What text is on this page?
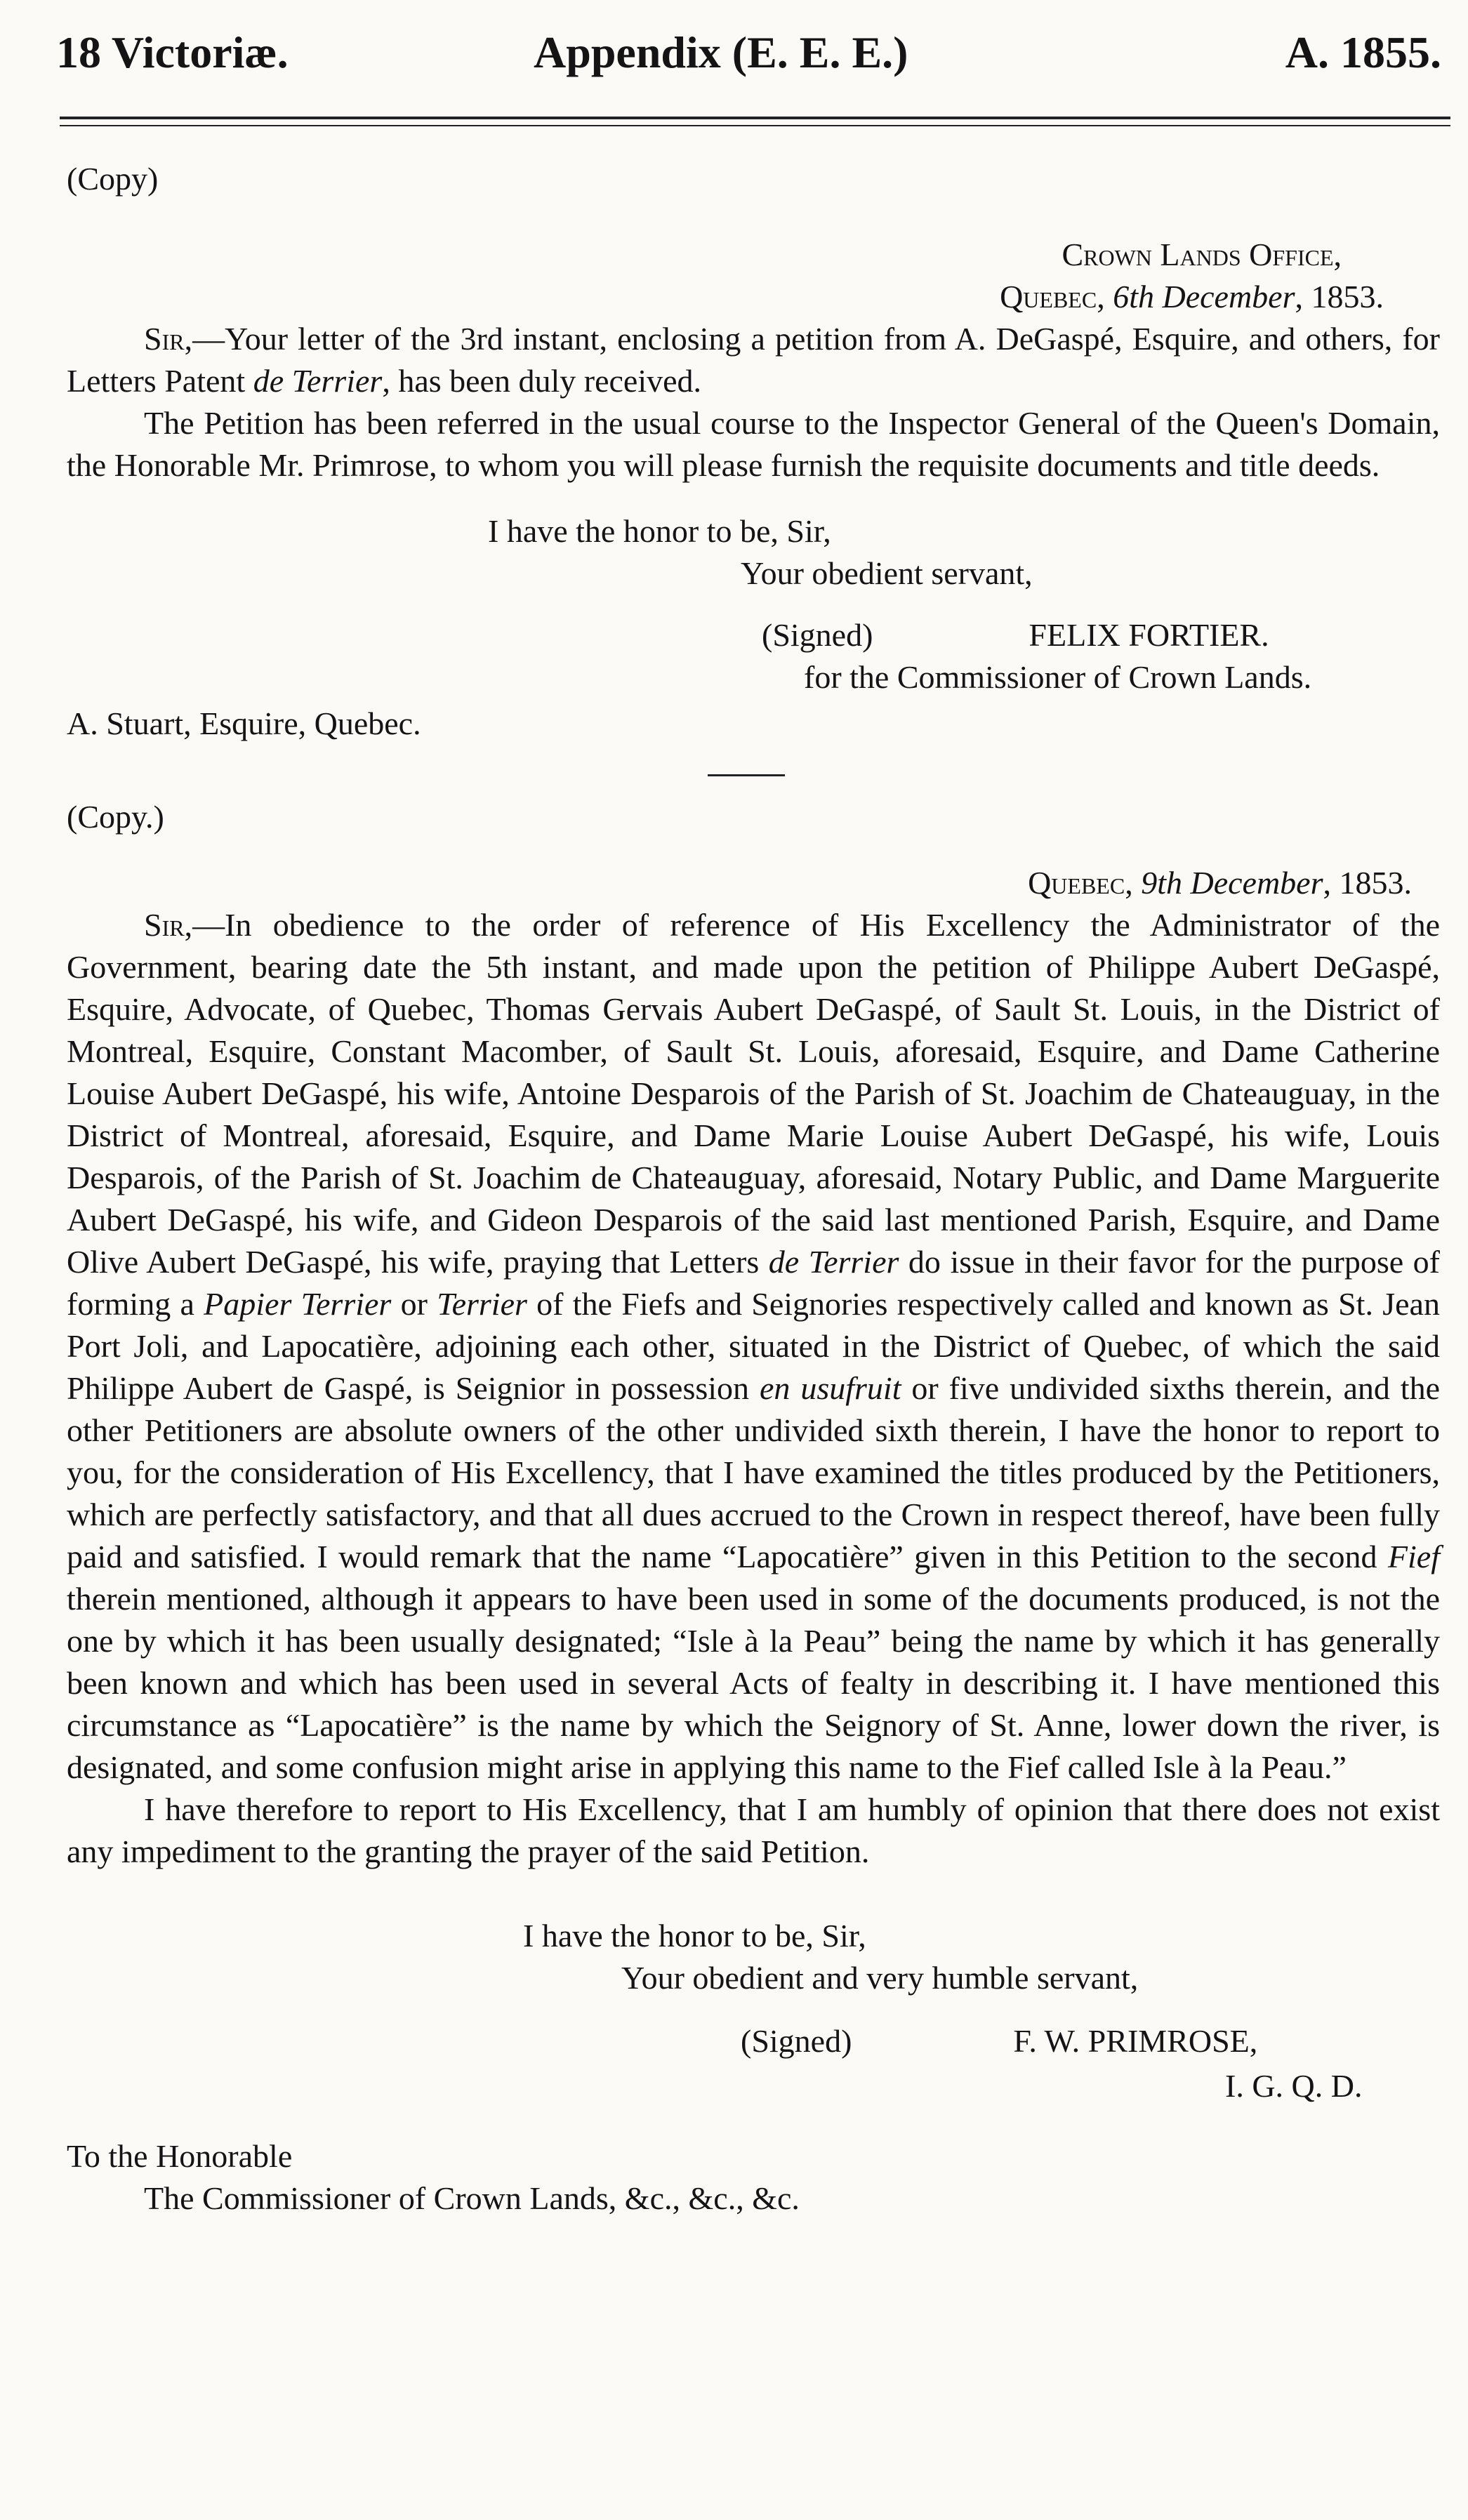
18 Victoriæ.	Appendix (E. E. E.)	A. 1855.

(Copy)

Crown Lands Office,

Quebec, 6th December, 1853.

Sir,—Your letter of the 3rd instant, enclosing a petition from A. DeGaspé, Esquire, and others, for Letters Patent de Terrier, has been duly received.

The Petition has been referred in the usual course to the Inspector General of the Queen's Domain, the Honorable Mr. Primrose, to whom you will please furnish the requisite documents and title deeds.

I have the honor to be, Sir,

Your obedient servant,

(Signed)	FELIX FORTIER.

for the Commissioner of Crown Lands.

A. Stuart, Esquire, Quebec.

(Copy.)

Quebec, 9th December, 1853.

Sir,—In obedience to the order of reference of His Excellency the Administrator of the Government, bearing date the 5th instant, and made upon the petition of Philippe Aubert DeGaspé, Esquire, Advocate, of Quebec, Thomas Gervais Aubert DeGaspé, of Sault St. Louis, in the District of Montreal, Esquire, Constant Macomber, of Sault St. Louis, aforesaid, Esquire, and Dame Catherine Louise Aubert DeGaspé, his wife, Antoine Desparois of the Parish of St. Joachim de Chateauguay, in the District of Montreal, aforesaid, Esquire, and Dame Marie Louise Aubert DeGaspé, his wife, Louis Desparois, of the Parish of St. Joachim de Chateauguay, aforesaid, Notary Public, and Dame Marguerite Aubert DeGaspé, his wife, and Gideon Desparois of the said last mentioned Parish, Esquire, and Dame Olive Aubert DeGaspé, his wife, praying that Letters de Terrier do issue in their favor for the purpose of forming a Papier Terrier or Terrier of the Fiefs and Seignories respectively called and known as St. Jean Port Joli, and Lapocatière, adjoining each other, situated in the District of Quebec, of which the said Philippe Aubert de Gaspé, is Seignior in possession en usufruit or five undivided sixths therein, and the other Petitioners are absolute owners of the other undivided sixth therein, I have the honor to report to you, for the consideration of His Excellency, that I have examined the titles produced by the Petitioners, which are perfectly satisfactory, and that all dues accrued to the Crown in respect thereof, have been fully paid and satisfied. I would remark that the name “Lapocatière” given in this Petition to the second Fief therein mentioned, although it appears to have been used in some of the documents produced, is not the one by which it has been usually designated; “Isle à la Peau” being the name by which it has generally been known and which has been used in several Acts of fealty in describing it. I have mentioned this circumstance as “Lapocatière” is the name by which the Seignory of St. Anne, lower down the river, is designated, and some confusion might arise in applying this name to the Fief called Isle à la Peau.”

I have therefore to report to His Excellency, that I am humbly of opinion that there does not exist any impediment to the granting the prayer of the said Petition.

I have the honor to be, Sir,

Your obedient and very humble servant,

(Signed)	F. W. PRIMROSE,

I. G. Q. D.

To the Honorable

The Commissioner of Crown Lands, &c., &c., &c.
